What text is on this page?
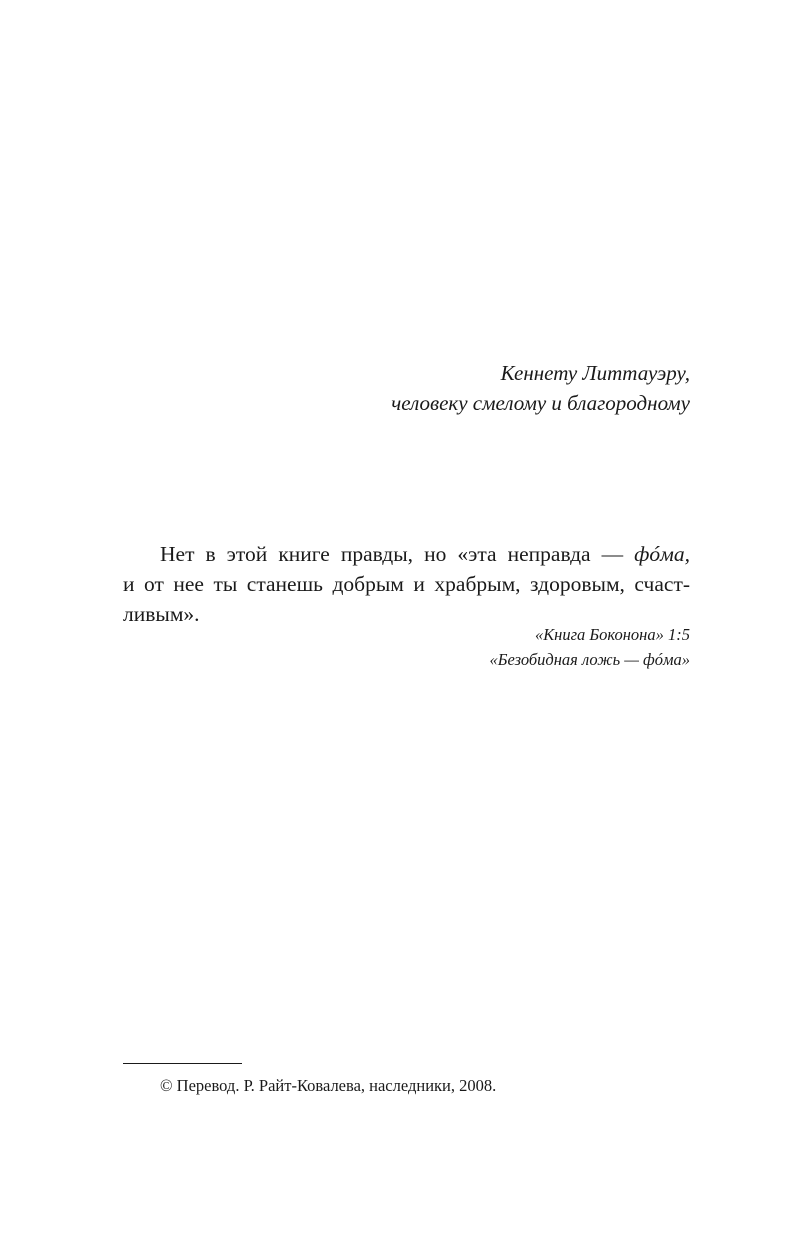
Кеннету Литтауэру,
человеку смелому и благородному
Нет в этой книге правды, но «эта неправда — фóма,
и от нее ты станешь добрым и храбрым, здоровым, счаст-
ливым».
«Книга Боконона» 1:5
«Безобидная ложь — фóма»
© Перевод. Р. Райт-Ковалева, наследники, 2008.
